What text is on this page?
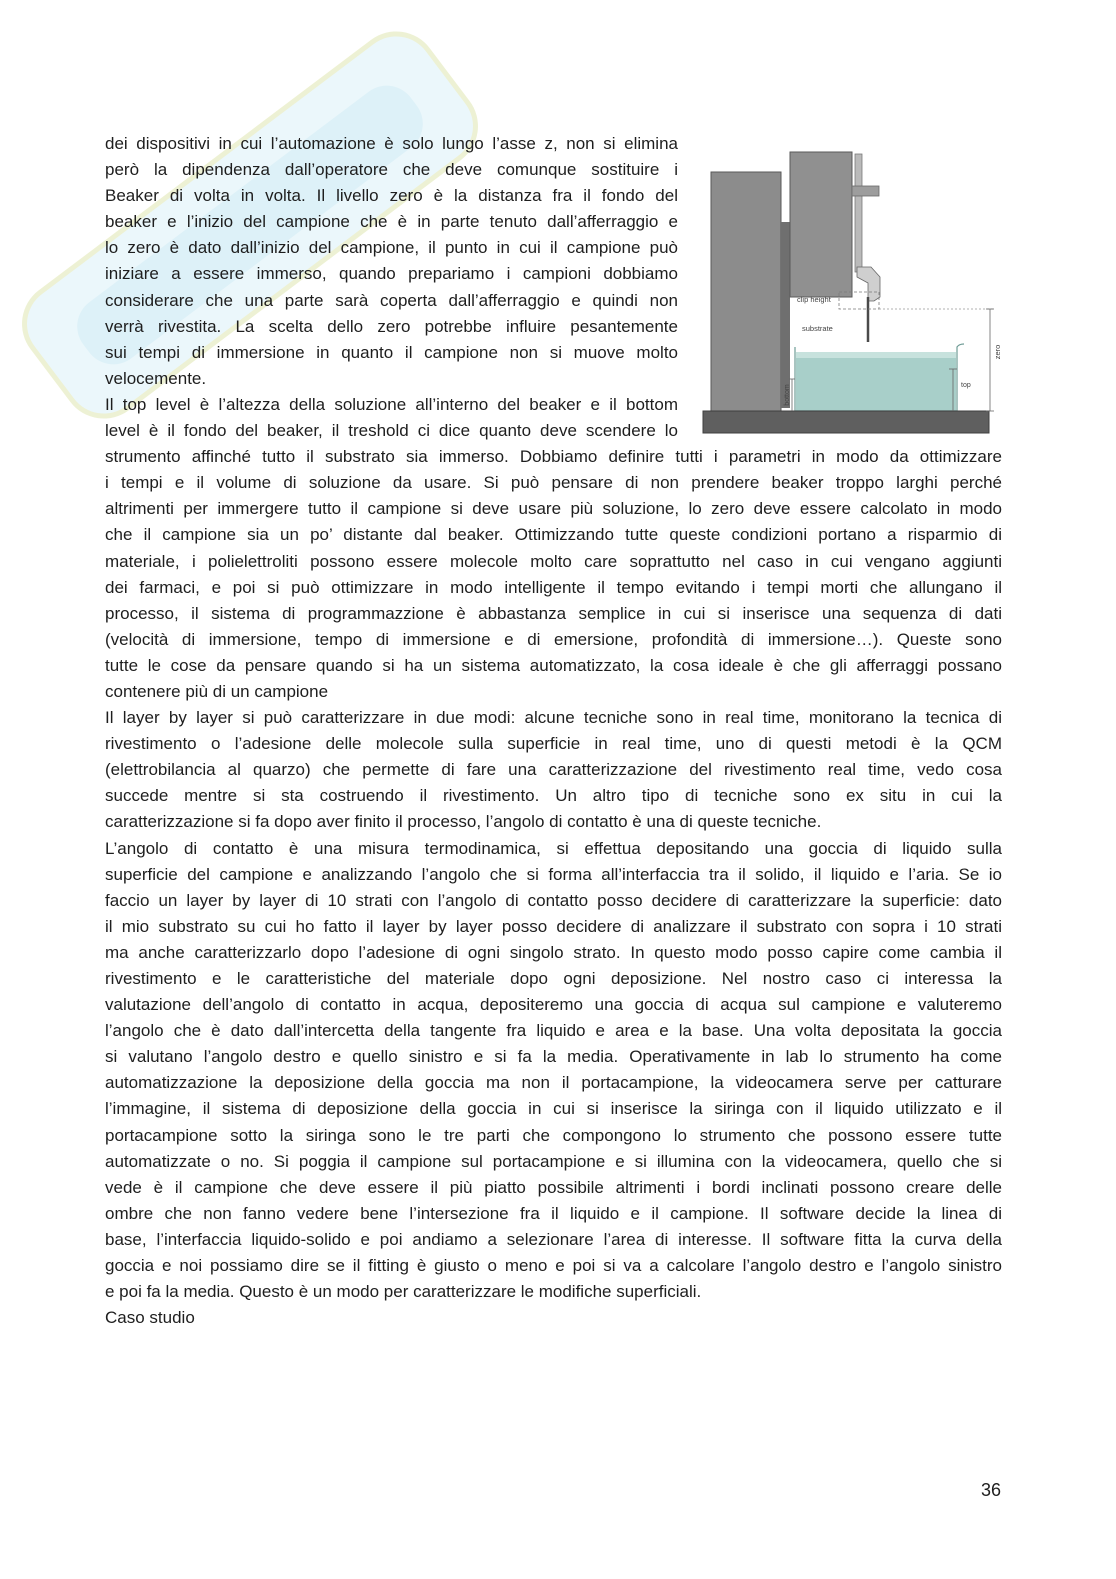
dei dispositivi in cui l’automazione è solo lungo l’asse z, non si elimina
però la dipendenza dall’operatore che deve comunque sostituire i
Beaker di volta in volta. Il livello zero è la distanza fra il fondo del
beaker e l’inizio del campione che è in parte tenuto dall’afferraggio e
lo zero è dato dall’inizio del campione, il punto in cui il campione può
iniziare a essere immerso, quando prepariamo i campioni dobbiamo
considerare che una parte sarà coperta dall’afferraggio e quindi non
verrà rivestita. La scelta dello zero potrebbe influire pesantemente
sui tempi di immersione in quanto il campione non si muove molto
velocemente.
Il top level è l’altezza della soluzione all’interno del beaker e il bottom
level è il fondo del beaker, il treshold ci dice quanto deve scendere lo
strumento affinché tutto il substrato sia immerso. Dobbiamo definire tutti i parametri in modo da ottimizzare
i tempi e il volume di soluzione da usare. Si può pensare di non prendere beaker troppo larghi perché
altrimenti per immergere tutto il campione si deve usare più soluzione, lo zero deve essere calcolato in modo
che il campione sia un po’ distante dal beaker. Ottimizzando tutte queste condizioni portano a risparmio di
materiale, i polielettroliti possono essere molecole molto care soprattutto nel caso in cui vengano aggiunti
dei farmaci, e poi si può ottimizzare in modo intelligente il tempo evitando i tempi morti che allungano il
processo, il sistema di programmazzione è abbastanza semplice in cui si inserisce una sequenza di dati
(velocità di immersione, tempo di immersione e di emersione, profondità di immersione…). Queste sono
tutte le cose da pensare quando si ha un sistema automatizzato, la cosa ideale è che gli afferraggi possano
contenere più di un campione
Il layer by layer si può caratterizzare in due modi: alcune tecniche sono in real time, monitorano la tecnica di
rivestimento o l’adesione delle molecole sulla superficie in real time, uno di questi metodi è la QCM
(elettrobilancia al quarzo) che permette di fare una caratterizzazione del rivestimento real time, vedo cosa
succede mentre si sta costruendo il rivestimento. Un altro tipo di tecniche sono ex situ in cui la
caratterizzazione si fa dopo aver finito il processo, l’angolo di contatto è una di queste tecniche.
L’angolo di contatto è una misura termodinamica, si effettua depositando una goccia di liquido sulla
superficie del campione e analizzando l’angolo che si forma all’interfaccia tra il solido, il liquido e l’aria. Se io
faccio un layer by layer di 10 strati con l’angolo di contatto posso decidere di caratterizzare la superficie: dato
il mio substrato su cui ho fatto il layer by layer posso decidere di analizzare il substrato con sopra i 10 strati
ma anche caratterizzarlo dopo l’adesione di ogni singolo strato. In questo modo posso capire come cambia il
rivestimento e le caratteristiche del materiale dopo ogni deposizione. Nel nostro caso ci interessa la
valutazione dell’angolo di contatto in acqua, depositeremo una goccia di acqua sul campione e valuteremo
l’angolo che è dato dall’intercetta della tangente fra liquido e area e la base. Una volta depositata la goccia
si valutano l’angolo destro e quello sinistro e si fa la media. Operativamente in lab lo strumento ha come
automatizzazione la deposizione della goccia ma non il portacampione, la videocamera serve per catturare
l’immagine, il sistema di deposizione della goccia in cui si inserisce la siringa con il liquido utilizzato e il
portacampione sotto la siringa sono le tre parti che compongono lo strumento che possono essere tutte
automatizzate o no. Si poggia il campione sul portacampione e si illumina con la videocamera, quello che si
vede è il campione che deve essere il più piatto possibile altrimenti i bordi inclinati possono creare delle
ombre che non fanno vedere bene l’intersezione fra il liquido e il campione. Il software decide la linea di
base, l’interfaccia liquido-solido e poi andiamo a selezionare l’area di interesse. Il software fitta la curva della
goccia e noi possiamo dire se il fitting è giusto o meno e poi si va a calcolare l’angolo destro e l’angolo sinistro
e poi fa la media. Questo è un modo per caratterizzare le modifiche superficiali.
Caso studio
clip height
substrate
bottom	top
zero
36
